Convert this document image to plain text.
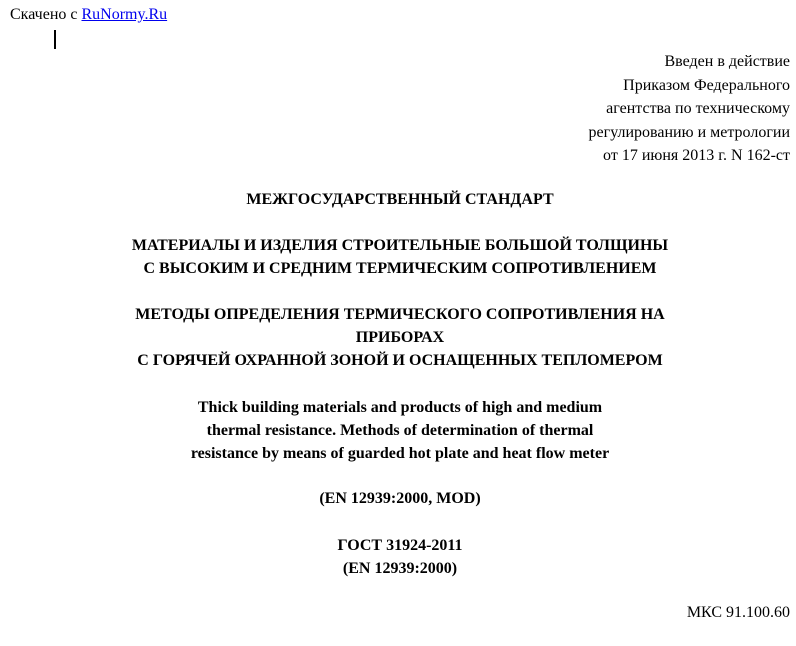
Скачено с RuNormy.Ru
Введен в действие
Приказом Федерального
агентства по техническому
регулированию и метрологии
от 17 июня 2013 г. N 162-ст
МЕЖГОСУДАРСТВЕННЫЙ СТАНДАРТ
МАТЕРИАЛЫ И ИЗДЕЛИЯ СТРОИТЕЛЬНЫЕ БОЛЬШОЙ ТОЛЩИНЫ
С ВЫСОКИМ И СРЕДНИМ ТЕРМИЧЕСКИМ СОПРОТИВЛЕНИЕМ
МЕТОДЫ ОПРЕДЕЛЕНИЯ ТЕРМИЧЕСКОГО СОПРОТИВЛЕНИЯ НА
ПРИБОРАХ
С ГОРЯЧЕЙ ОХРАННОЙ ЗОНОЙ И ОСНАЩЕННЫХ ТЕПЛОМЕРОМ
Thick building materials and products of high and medium
thermal resistance. Methods of determination of thermal
resistance by means of guarded hot plate and heat flow meter
(EN 12939:2000, MOD)
ГОСТ 31924-2011
(EN 12939:2000)
МКС 91.100.60
